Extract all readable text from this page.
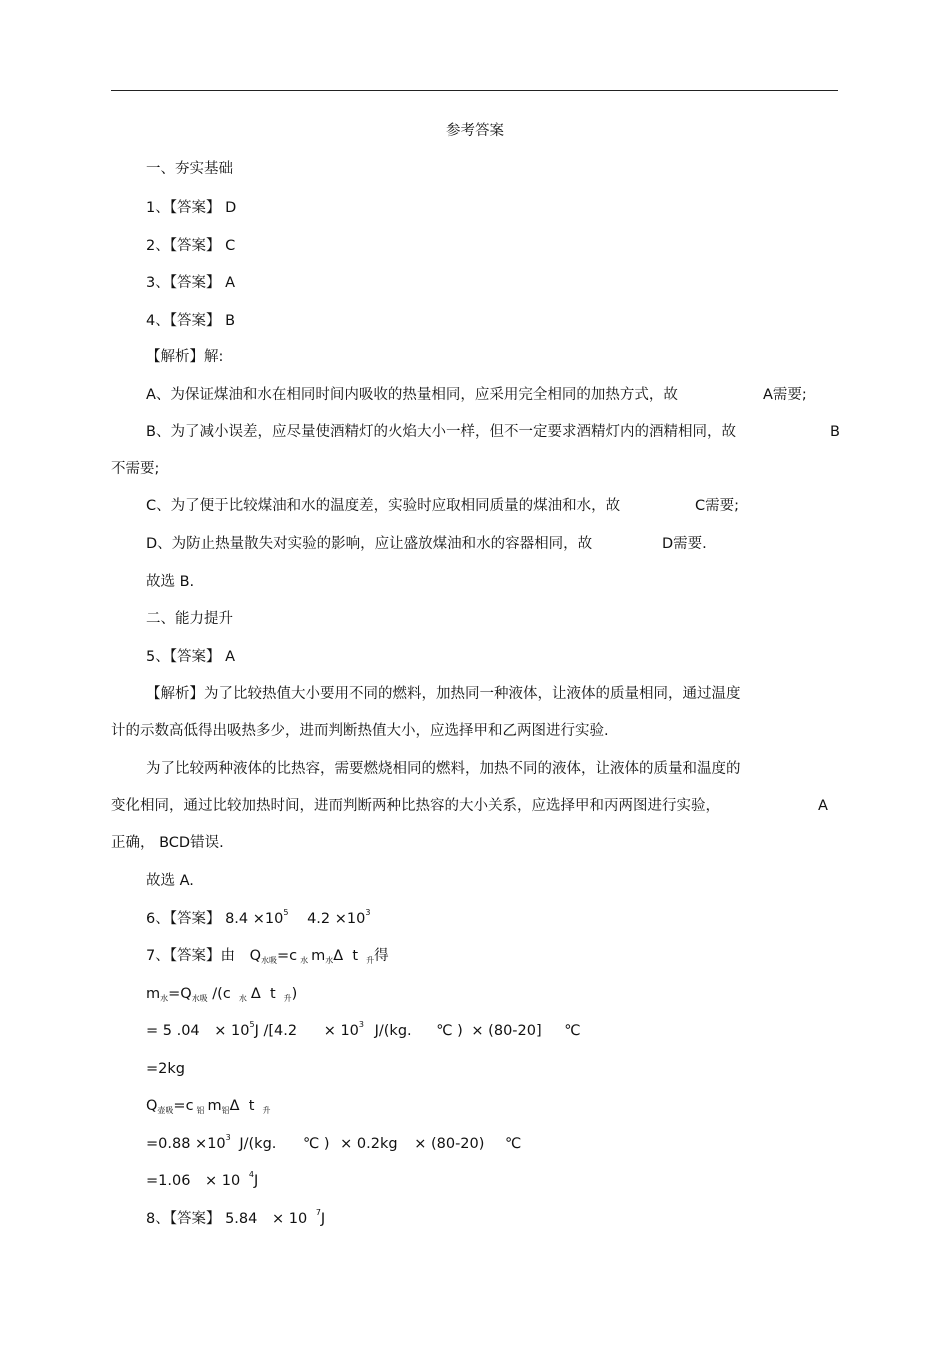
参考答案
一、夯实基础
1、【答案】 D
2、【答案】 C
3、【答案】 A
4、【答案】 B
【解析】解:
A、为保证煤油和水在相同时间内吸收的热量相同，应采用完全相同的加热方式，故	A需要;
B、为了减小误差，应尽量使酒精灯的火焰大小一样，但不一定要求酒精灯内的酒精相同，故	B
不需要;
C、为了便于比较煤油和水的温度差，实验时应取相同质量的煤油和水，故	C需要;
D、为防止热量散失对实验的影响，应让盛放煤油和水的容器相同，故	D需要.
故选 B.
二、能力提升
5、【答案】 A
【解析】为了比较热值大小要用不同的燃料，加热同一种液体，让液体的质量相同，通过温度
计的示数高低得出吸热多少，进而判断热值大小，应选择甲和乙两图进行实验.
为了比较两种液体的比热容，需要燃烧相同的燃料，加热不同的液体，让液体的质量和温度的
变化相同，通过比较加热时间，进而判断两种比热容的大小关系，应选择甲和丙两图进行实验，	A
正确， BCD错误.
故选 A.
6、【答案】 $8.4 \times 10^5$ $4.2 \times 10^3$
7、【答案】由 $Q_{水吸}=c$ $_水$ $m_水\Delta$  t $_升$得
$m_水=Q_{水吸}$ /(c $_水$ Δ  t $_升$)
= 5 $.04 \times 10^5J$ $/[4.2 \times 10^3$ J/(kg. ℃ ) × (80-20] ℃
=2kg
$Q_{壶吸}=c$ $_铝$ $m_铝\Delta$  t $_升$
$=0.88 \times 10^3$ J/(kg. ℃ ) × 0.2kg × (80-20) ℃
=1.06 × 10 $^4$J
8、【答案】 5.84 × 10 $^7$J
